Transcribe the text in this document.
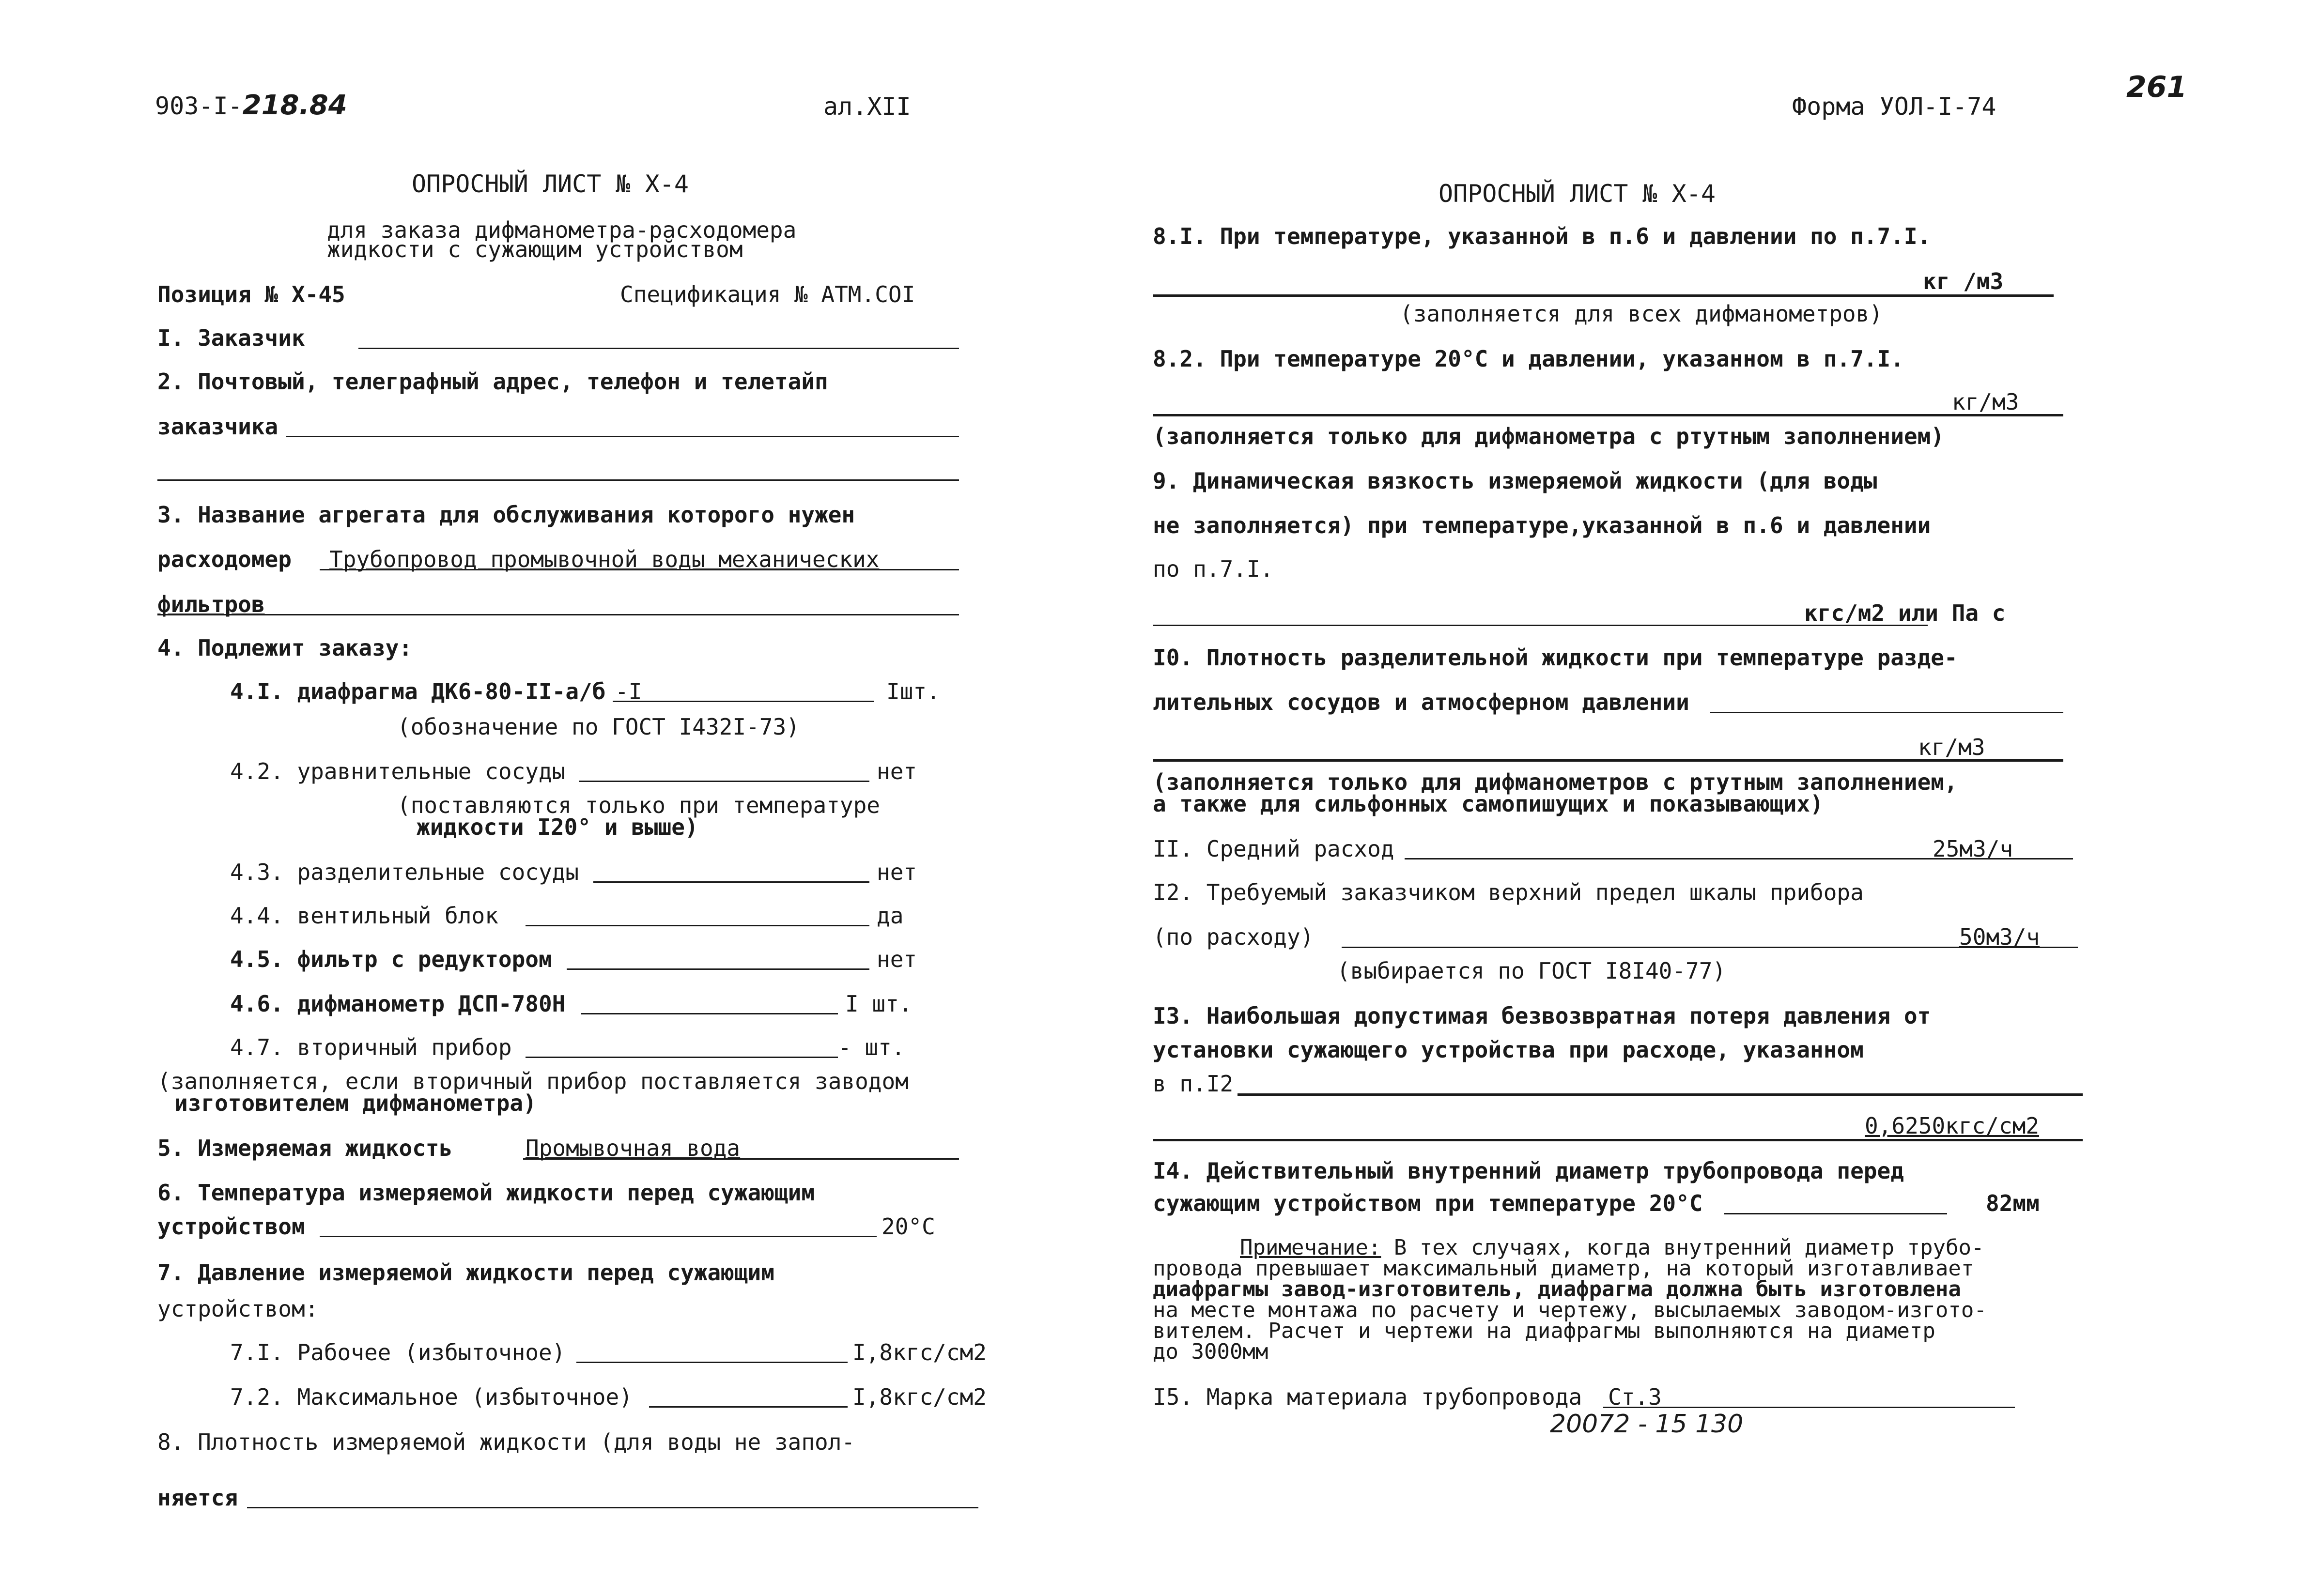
903-I-218.84	ал.XII	Форма УОЛ-I-74
261
ОПРОСНЫЙ ЛИСТ № Х-4
для заказа дифманометра-расходомера
жидкости с сужающим устройством
Позиция № Х-45	Спецификация № АТМ.СОI
I. Заказчик
2. Почтовый, телеграфный адрес, телефон и телетайп
заказчика
3. Название агрегата для обслуживания которого нужен
расходомер Трубопровод промывочной воды механических
фильтров
4. Подлежит заказу:
4.I. диафрагма ДК6-80-II-а/б -I	Iшт.
(обозначение по ГОСТ I432I-73)
4.2. уравнительные сосуды	нет
(поставляются только при температуре
жидкости I20° и выше)
4.3. разделительные сосуды	нет
4.4. вентильный блок	да
4.5. фильтр с редуктором	нет
4.6. дифманометр ДСП-780Н	I шт.
4.7. вторичный прибор	- шт.
(заполняется, если вторичный прибор поставляется заводом
изготовителем дифманометра)
5. Измеряемая жидкость	Промывочная вода
6. Температура измеряемой жидкости перед сужающим
устройством	20°С
7. Давление измеряемой жидкости перед сужающим
устройством:
7.I. Рабочее (избыточное)	I,8кгс/см2
7.2. Максимальное (избыточное)	I,8кгс/см2
8. Плотность измеряемой жидкости (для воды не запол-
няется
ОПРОСНЫЙ ЛИСТ № Х-4
8.I. При температуре, указанной в п.6 и давлении по п.7.I.
кг /м3
(заполняется для всех дифманометров)
8.2. При температуре 20°С и давлении, указанном в п.7.I.
кг/м3
(заполняется только для дифманометра с ртутным заполнением)
9. Динамическая вязкость измеряемой жидкости (для воды
не заполняется) при температуре,указанной в п.6 и давлении
по п.7.I.
кгс/м2 или Па с
I0. Плотность разделительной жидкости при температуре разде-
лительных сосудов и атмосферном давлении
кг/м3
(заполняется только для дифманометров с ртутным заполнением,
а также для сильфонных самопишущих и показывающих)
II. Средний расход	25м3/ч
I2. Требуемый заказчиком верхний предел шкалы прибора
(по расходу)	50м3/ч
(выбирается по ГОСТ I8I40-77)
I3. Наибольшая допустимая безвозвратная потеря давления от
установки сужающего устройства при расходе, указанном
в п.I2
0,6250кгс/см2
I4. Действительный внутренний диаметр трубопровода перед
сужающим устройством при температуре 20°С	82мм
Примечание: В тех случаях, когда внутренний диаметр трубо-
провода превышает максимальный диаметр, на который изготавливает
диафрагмы завод-изготовитель, диафрагма должна быть изготовлена
на месте монтажа по расчету и чертежу, высылаемых заводом-изгото-
вителем. Расчет и чертежи на диафрагмы выполняются на диаметр
до 3000мм
I5. Марка материала трубопровода Ст.3
20072 - 15 130
